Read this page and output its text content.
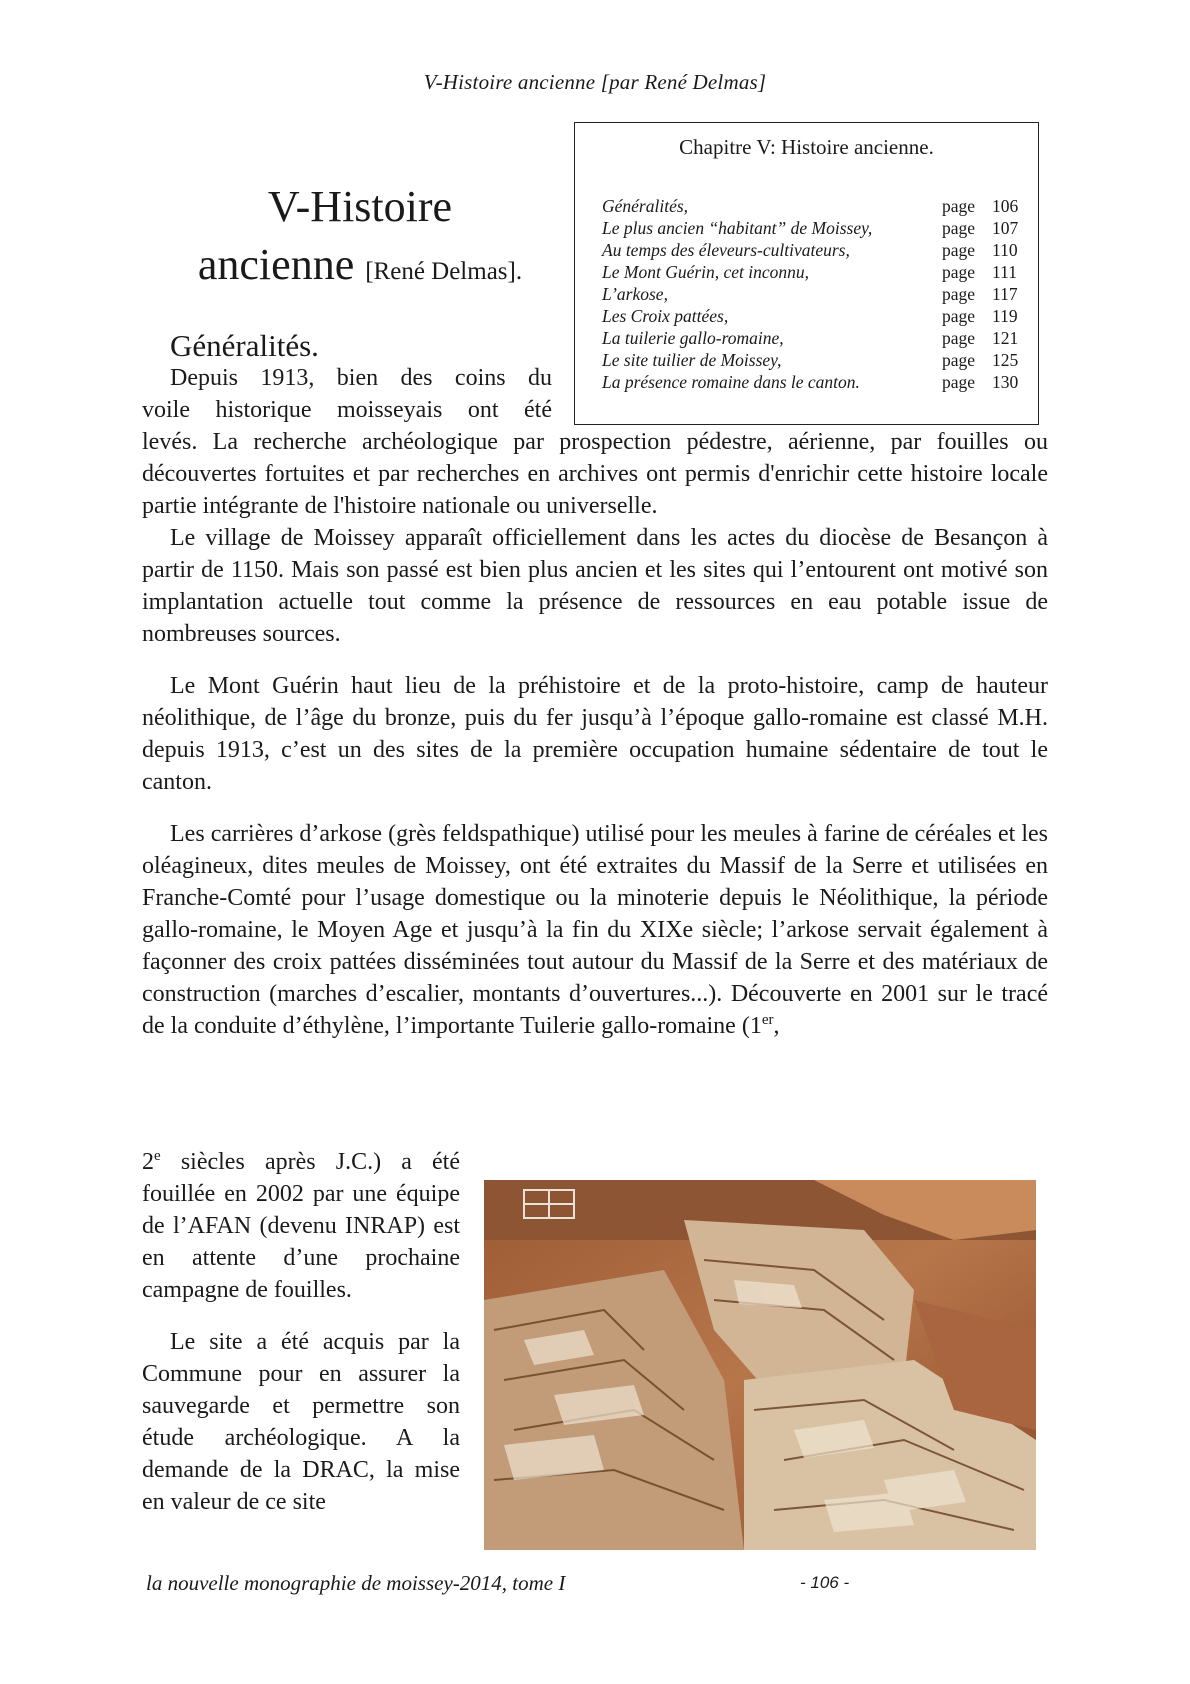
V-Histoire ancienne [par René Delmas]
Chapitre V: Histoire ancienne.
Généralités,	page 106
Le plus ancien “habitant” de Moissey,	page 107
Au temps des éleveurs-cultivateurs,	page 110
Le Mont Guérin, cet inconnu,	page 111
L’arkose,	page 117
Les Croix pattées,	page 119
La tuilerie gallo-romaine,	page 121
Le site tuilier de Moissey,	page 125
La présence romaine dans le canton.	page 130
V-Histoire
ancienne [René Delmas].
Généralités.
Depuis 1913, bien des coins du
voile historique moisseyais ont été

levés. La recherche archéologique par prospection pédestre, aérienne, par fouilles ou découvertes fortuites et par recherches en archives ont permis d'enrichir cette histoire locale partie intégrante de l'histoire nationale ou universelle.

Le village de Moissey apparaît officiellement dans les actes du diocèse de Besançon à partir de 1150. Mais son passé est bien plus ancien et les sites qui l’entourent ont motivé son implantation actuelle tout comme la présence de ressources en eau potable issue de nombreuses sources.

Le Mont Guérin haut lieu de la préhistoire et de la proto-histoire, camp de hauteur néolithique, de l’âge du bronze, puis du fer jusqu’à l’époque gallo-romaine est classé M.H. depuis 1913, c’est un des sites de la première occupation humaine sédentaire de tout le canton.

Les carrières d’arkose (grès feldspathique) utilisé pour les meules à farine de céréales et les oléagineux, dites meules de Moissey, ont été extraites du Massif de la Serre et utilisées en Franche-Comté pour l’usage domestique ou la minoterie depuis le Néolithique, la période gallo-romaine, le Moyen Age et jusqu’à la fin du XIXe siècle; l’arkose servait également à façonner des croix pattées disséminées tout autour du Massif de la Serre et des matériaux de construction (marches d’escalier, montants d’ouvertures...). Découverte en 2001 sur le tracé de la conduite d’éthylène, l’importante Tuilerie gallo-romaine (1er,

2e siècles après J.C.) a été fouillée en 2002 par une équipe de l’AFAN (devenu INRAP) est en attente d’une prochaine campagne de fouilles.

Le site a été acquis par la Commune pour en assurer la sauvegarde et permettre son étude archéologique. A la demande de la DRAC, la mise en valeur de ce site

la nouvelle monographie de moissey-2014, tome I	- 106 -
